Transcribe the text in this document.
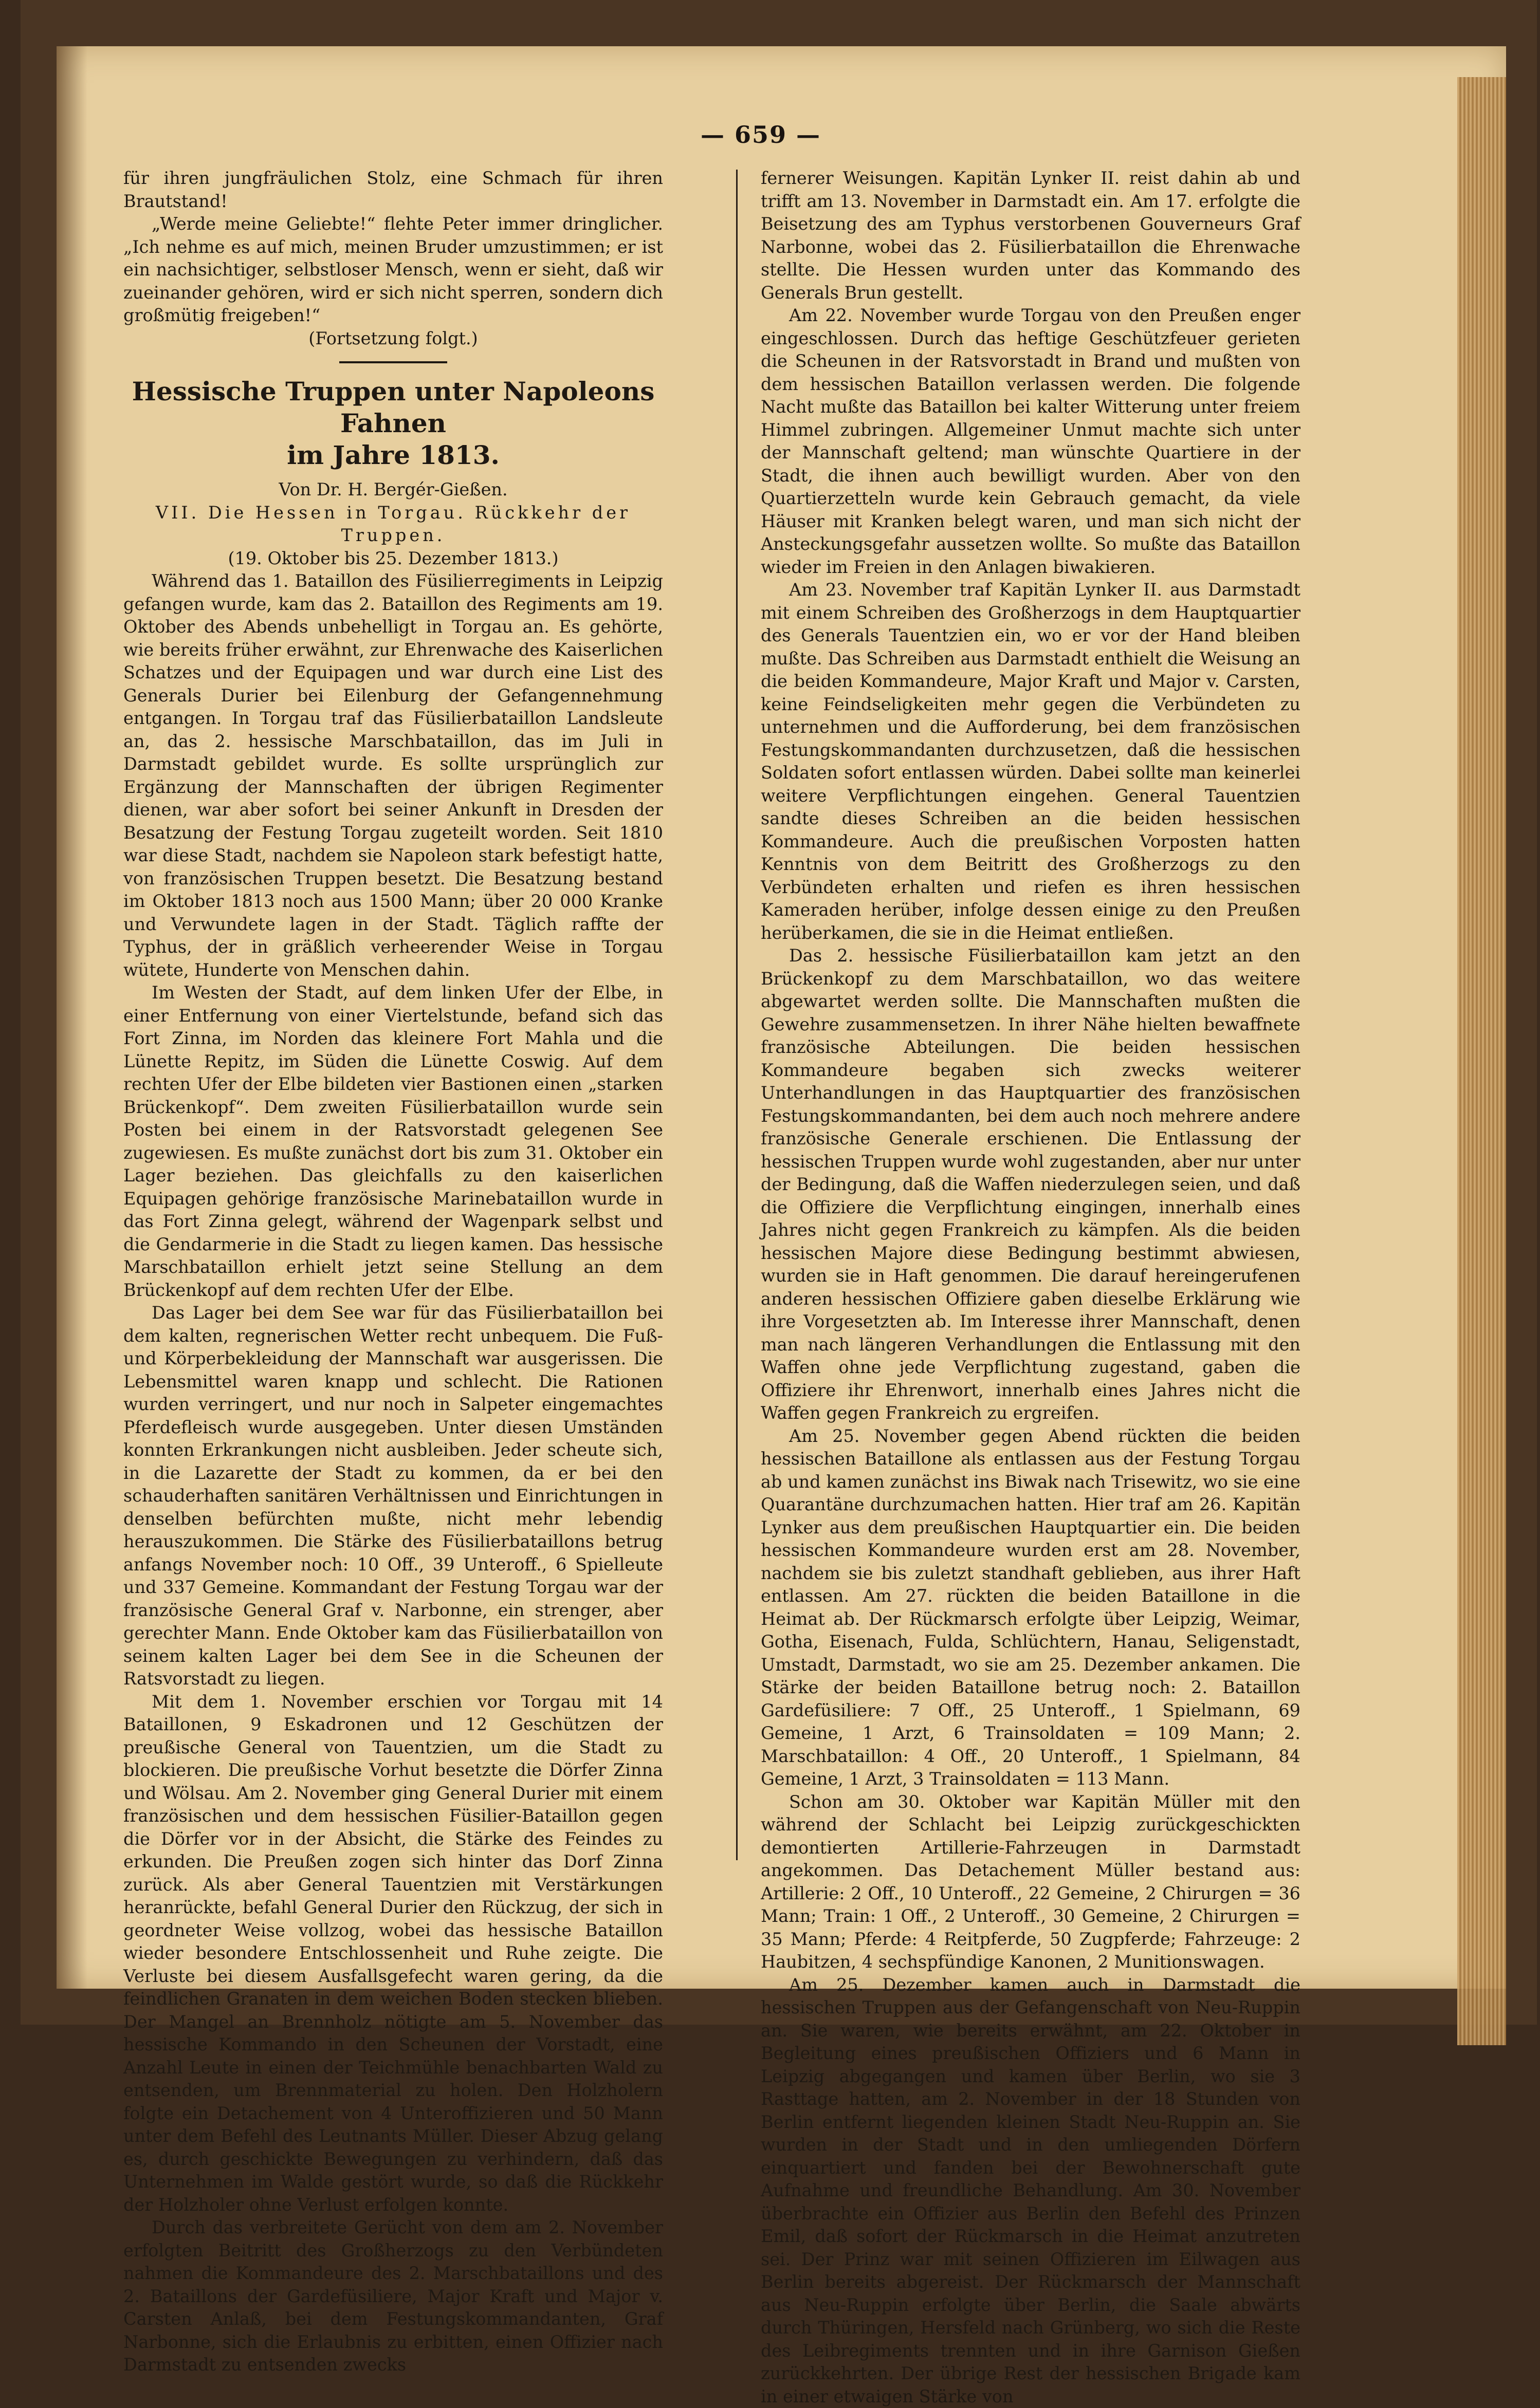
— 659 —

für ihren jungfräulichen Stolz, eine Schmach für ihren Brautstand!

„Werde meine Geliebte!“ flehte Peter immer dringlicher. „Ich nehme es auf mich, meinen Bruder umzustimmen; er ist ein nachsichtiger, selbstloser Mensch, wenn er sieht, daß wir zueinander gehören, wird er sich nicht sperren, sondern dich großmütig freigeben!“

(Fortsetzung folgt.)

Hessische Truppen unter Napoleons Fahnen
im Jahre 1813.

Von Dr. H. Bergér-Gießen.

VII. Die Hessen in Torgau. Rückkehr der Truppen.

(19. Oktober bis 25. Dezember 1813.)

Während das 1. Bataillon des Füsilierregiments in Leipzig gefangen wurde, kam das 2. Bataillon des Regiments am 19. Oktober des Abends unbehelligt in Torgau an. Es gehörte, wie bereits früher erwähnt, zur Ehrenwache des Kaiserlichen Schatzes und der Equipagen und war durch eine List des Generals Durier bei Eilenburg der Gefangennehmung entgangen. In Torgau traf das Füsilierbataillon Landsleute an, das 2. hessische Marschbataillon, das im Juli in Darmstadt gebildet wurde. Es sollte ursprünglich zur Ergänzung der Mannschaften der übrigen Regimenter dienen, war aber sofort bei seiner Ankunft in Dresden der Besatzung der Festung Torgau zugeteilt worden. Seit 1810 war diese Stadt, nachdem sie Napoleon stark befestigt hatte, von französischen Truppen besetzt. Die Besatzung bestand im Oktober 1813 noch aus 1500 Mann; über 20 000 Kranke und Verwundete lagen in der Stadt. Täglich raffte der Typhus, der in gräßlich verheerender Weise in Torgau wütete, Hunderte von Menschen dahin.

Im Westen der Stadt, auf dem linken Ufer der Elbe, in einer Entfernung von einer Viertelstunde, befand sich das Fort Zinna, im Norden das kleinere Fort Mahla und die Lünette Repitz, im Süden die Lünette Coswig. Auf dem rechten Ufer der Elbe bildeten vier Bastionen einen „starken Brückenkopf“. Dem zweiten Füsilierbataillon wurde sein Posten bei einem in der Ratsvorstadt gelegenen See zugewiesen. Es mußte zunächst dort bis zum 31. Oktober ein Lager beziehen. Das gleichfalls zu den kaiserlichen Equipagen gehörige französische Marinebataillon wurde in das Fort Zinna gelegt, während der Wagenpark selbst und die Gendarmerie in die Stadt zu liegen kamen. Das hessische Marschbataillon erhielt jetzt seine Stellung an dem Brückenkopf auf dem rechten Ufer der Elbe.

Das Lager bei dem See war für das Füsilierbataillon bei dem kalten, regnerischen Wetter recht unbequem. Die Fuß- und Körperbekleidung der Mannschaft war ausgerissen. Die Lebensmittel waren knapp und schlecht. Die Rationen wurden verringert, und nur noch in Salpeter eingemachtes Pferdefleisch wurde ausgegeben. Unter diesen Umständen konnten Erkrankungen nicht ausbleiben. Jeder scheute sich, in die Lazarette der Stadt zu kommen, da er bei den schauderhaften sanitären Verhältnissen und Einrichtungen in denselben befürchten mußte, nicht mehr lebendig herauszukommen. Die Stärke des Füsilierbataillons betrug anfangs November noch: 10 Off., 39 Unteroff., 6 Spielleute und 337 Gemeine. Kommandant der Festung Torgau war der französische General Graf v. Narbonne, ein strenger, aber gerechter Mann. Ende Oktober kam das Füsilierbataillon von seinem kalten Lager bei dem See in die Scheunen der Ratsvorstadt zu liegen.

Mit dem 1. November erschien vor Torgau mit 14 Bataillonen, 9 Eskadronen und 12 Geschützen der preußische General von Tauentzien, um die Stadt zu blockieren. Die preußische Vorhut besetzte die Dörfer Zinna und Wölsau. Am 2. November ging General Durier mit einem französischen und dem hessischen Füsilier-Bataillon gegen die Dörfer vor in der Absicht, die Stärke des Feindes zu erkunden. Die Preußen zogen sich hinter das Dorf Zinna zurück. Als aber General Tauentzien mit Verstärkungen heranrückte, befahl General Durier den Rückzug, der sich in geordneter Weise vollzog, wobei das hessische Bataillon wieder besondere Entschlossenheit und Ruhe zeigte. Die Verluste bei diesem Ausfallsgefecht waren gering, da die feindlichen Granaten in dem weichen Boden stecken blieben. Der Mangel an Brennholz nötigte am 5. November das hessische Kommando in den Scheunen der Vorstadt, eine Anzahl Leute in einen der Teichmühle benachbarten Wald zu entsenden, um Brennmaterial zu holen. Den Holzholern folgte ein Detachement von 4 Unteroffizieren und 50 Mann unter dem Befehl des Leutnants Müller. Dieser Abzug gelang es, durch geschickte Bewegungen zu verhindern, daß das Unternehmen im Walde gestört wurde, so daß die Rückkehr der Holzholer ohne Verlust erfolgen konnte.

Durch das verbreitete Gerücht von dem am 2. November erfolgten Beitritt des Großherzogs zu den Verbündeten nahmen die Kommandeure des 2. Marschbataillons und des 2. Bataillons der Gardefüsiliere, Major Kraft und Major v. Carsten Anlaß, bei dem Festungskommandanten, Graf Narbonne, sich die Erlaubnis zu erbitten, einen Offizier nach Darmstadt zu entsenden zwecks

fernerer Weisungen. Kapitän Lynker II. reist dahin ab und trifft am 13. November in Darmstadt ein. Am 17. erfolgte die Beisetzung des am Typhus verstorbenen Gouverneurs Graf Narbonne, wobei das 2. Füsilierbataillon die Ehrenwache stellte. Die Hessen wurden unter das Kommando des Generals Brun gestellt.

Am 22. November wurde Torgau von den Preußen enger eingeschlossen. Durch das heftige Geschützfeuer gerieten die Scheunen in der Ratsvorstadt in Brand und mußten von dem hessischen Bataillon verlassen werden. Die folgende Nacht mußte das Bataillon bei kalter Witterung unter freiem Himmel zubringen. Allgemeiner Unmut machte sich unter der Mannschaft geltend; man wünschte Quartiere in der Stadt, die ihnen auch bewilligt wurden. Aber von den Quartierzetteln wurde kein Gebrauch gemacht, da viele Häuser mit Kranken belegt waren, und man sich nicht der Ansteckungsgefahr aussetzen wollte. So mußte das Bataillon wieder im Freien in den Anlagen biwakieren.

Am 23. November traf Kapitän Lynker II. aus Darmstadt mit einem Schreiben des Großherzogs in dem Hauptquartier des Generals Tauentzien ein, wo er vor der Hand bleiben mußte. Das Schreiben aus Darmstadt enthielt die Weisung an die beiden Kommandeure, Major Kraft und Major v. Carsten, keine Feindseligkeiten mehr gegen die Verbündeten zu unternehmen und die Aufforderung, bei dem französischen Festungskommandanten durchzusetzen, daß die hessischen Soldaten sofort entlassen würden. Dabei sollte man keinerlei weitere Verpflichtungen eingehen. General Tauentzien sandte dieses Schreiben an die beiden hessischen Kommandeure. Auch die preußischen Vorposten hatten Kenntnis von dem Beitritt des Großherzogs zu den Verbündeten erhalten und riefen es ihren hessischen Kameraden herüber, infolge dessen einige zu den Preußen herüberkamen, die sie in die Heimat entließen.

Das 2. hessische Füsilierbataillon kam jetzt an den Brückenkopf zu dem Marschbataillon, wo das weitere abgewartet werden sollte. Die Mannschaften mußten die Gewehre zusammensetzen. In ihrer Nähe hielten bewaffnete französische Abteilungen. Die beiden hessischen Kommandeure begaben sich zwecks weiterer Unterhandlungen in das Hauptquartier des französischen Festungskommandanten, bei dem auch noch mehrere andere französische Generale erschienen. Die Entlassung der hessischen Truppen wurde wohl zugestanden, aber nur unter der Bedingung, daß die Waffen niederzulegen seien, und daß die Offiziere die Verpflichtung eingingen, innerhalb eines Jahres nicht gegen Frankreich zu kämpfen. Als die beiden hessischen Majore diese Bedingung bestimmt abwiesen, wurden sie in Haft genommen. Die darauf hereingerufenen anderen hessischen Offiziere gaben dieselbe Erklärung wie ihre Vorgesetzten ab. Im Interesse ihrer Mannschaft, denen man nach längeren Verhandlungen die Entlassung mit den Waffen ohne jede Verpflichtung zugestand, gaben die Offiziere ihr Ehrenwort, innerhalb eines Jahres nicht die Waffen gegen Frankreich zu ergreifen.

Am 25. November gegen Abend rückten die beiden hessischen Bataillone als entlassen aus der Festung Torgau ab und kamen zunächst ins Biwak nach Trisewitz, wo sie eine Quarantäne durchzumachen hatten. Hier traf am 26. Kapitän Lynker aus dem preußischen Hauptquartier ein. Die beiden hessischen Kommandeure wurden erst am 28. November, nachdem sie bis zuletzt standhaft geblieben, aus ihrer Haft entlassen. Am 27. rückten die beiden Bataillone in die Heimat ab. Der Rückmarsch erfolgte über Leipzig, Weimar, Gotha, Eisenach, Fulda, Schlüchtern, Hanau, Seligenstadt, Umstadt, Darmstadt, wo sie am 25. Dezember ankamen. Die Stärke der beiden Bataillone betrug noch: 2. Bataillon Gardefüsiliere: 7 Off., 25 Unteroff., 1 Spielmann, 69 Gemeine, 1 Arzt, 6 Trainsoldaten = 109 Mann; 2. Marschbataillon: 4 Off., 20 Unteroff., 1 Spielmann, 84 Gemeine, 1 Arzt, 3 Trainsoldaten = 113 Mann.

Schon am 30. Oktober war Kapitän Müller mit den während der Schlacht bei Leipzig zurückgeschickten demontierten Artillerie-Fahrzeugen in Darmstadt angekommen. Das Detachement Müller bestand aus: Artillerie: 2 Off., 10 Unteroff., 22 Gemeine, 2 Chirurgen = 36 Mann; Train: 1 Off., 2 Unteroff., 30 Gemeine, 2 Chirurgen = 35 Mann; Pferde: 4 Reitpferde, 50 Zugpferde; Fahrzeuge: 2 Haubitzen, 4 sechspfündige Kanonen, 2 Munitionswagen.

Am 25. Dezember kamen auch in Darmstadt die hessischen Truppen aus der Gefangenschaft von Neu-Ruppin an. Sie waren, wie bereits erwähnt, am 22. Oktober in Begleitung eines preußischen Offiziers und 6 Mann in Leipzig abgegangen und kamen über Berlin, wo sie 3 Rasttage hatten, am 2. November in der 18 Stunden von Berlin entfernt liegenden kleinen Stadt Neu-Ruppin an. Sie wurden in der Stadt und in den umliegenden Dörfern einquartiert und fanden bei der Bewohnerschaft gute Aufnahme und freundliche Behandlung. Am 30. November überbrachte ein Offizier aus Berlin den Befehl des Prinzen Emil, daß sofort der Rückmarsch in die Heimat anzutreten sei. Der Prinz war mit seinen Offizieren im Eilwagen aus Berlin bereits abgereist. Der Rückmarsch der Mannschaft aus Neu-Ruppin erfolgte über Berlin, die Saale abwärts durch Thüringen, Hersfeld nach Grünberg, wo sich die Reste des Leibregiments trennten und in ihre Garnison Gießen zurückkehrten. Der übrige Rest der hessischen Brigade kam in einer etwaigen Stärke von
